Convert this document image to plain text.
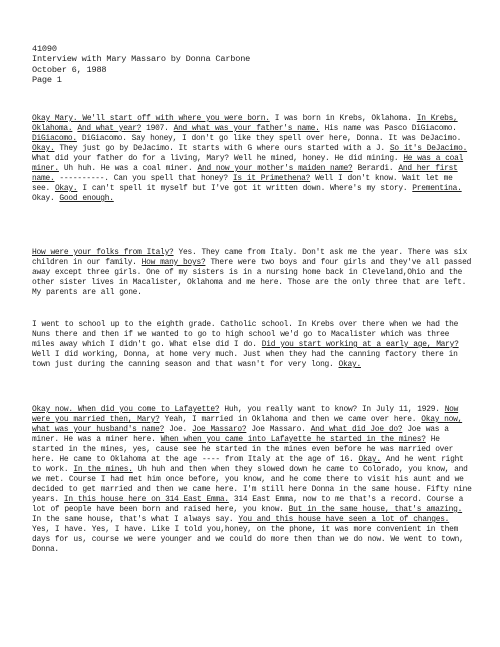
41090
Interview with Mary Massaro by Donna Carbone
October 6, 1988
Page 1
Okay Mary. We'll start off with where you were born. I was born in Krebs, Oklahoma. In Krebs, Oklahoma. And what year? 1907. And what was your father's name. His name was Pasco DiGiacomo. DiGiacomo. DiGiacomo. Say honey, I don't go like they spell over here, Donna. It was DeJacimo. Okay. They just go by DeJacimo. It starts with G where ours started with a J. So it's DeJacimo. What did your father do for a living, Mary? Well he mined, honey. He did mining. He was a coal miner. Uh huh. He was a coal miner. And now your mother's maiden name? Berardi. And her first name. ----------. Can you spell that honey? Is it Primethena? Well I don't know. Wait let me see. Okay. I can't spell it myself but I've got it written down. Where's my story. Prementina. Okay. Good enough.
How were your folks from Italy? Yes. They came from Italy. Don't ask me the year. There was six children in our family. How many boys? There were two boys and four girls and they've all passed away except three girls. One of my sisters is in a nursing home back in Cleveland,Ohio and the other sister lives in Macalister, Oklahoma and me here. Those are the only three that are left. My parents are all gone.
I went to school up to the eighth grade. Catholic school. In Krebs over there when we had the Nuns there and then if we wanted to go to high school we'd go to Macalister which was three miles away which I didn't go. What else did I do. Did you start working at a early age, Mary? Well I did working, Donna, at home very much. Just when they had the canning factory there in town just during the canning season and that wasn't for very long. Okay.
Okay now. When did you come to Lafayette? Huh, you really want to know? In July 11, 1929. Now were you married then, Mary? Yeah, I married in Oklahoma and then we came over here. Okay now, what was your husband's name? Joe. Joe Massaro? Joe Massaro. And what did Joe do? Joe was a miner. He was a miner here. When when you came into Lafayette he started in the mines? He started in the mines, yes, cause see he started in the mines even before he was married over here. He came to Oklahoma at the age ---- from Italy at the age of 16. Okay. And he went right to work. In the mines. Uh huh and then when they slowed down he came to Colorado, you know, and we met. Course I had met him once before, you know, and he come there to visit his aunt and we decided to get married and then we came here. I'm still here Donna in the same house. Fifty nine years. In this house here on 314 East Emma. 314 East Emma, now to me that's a record. Course a lot of people have been born and raised here, you know. But in the same house, that's amazing. In the same house, that's what I always say. You and this house have seen a lot of changes. Yes, I have. Yes, I have. Like I told you,honey, on the phone, it was more convenient in them days for us, course we were younger and we could do more then than we do now. We went to town, Donna.
